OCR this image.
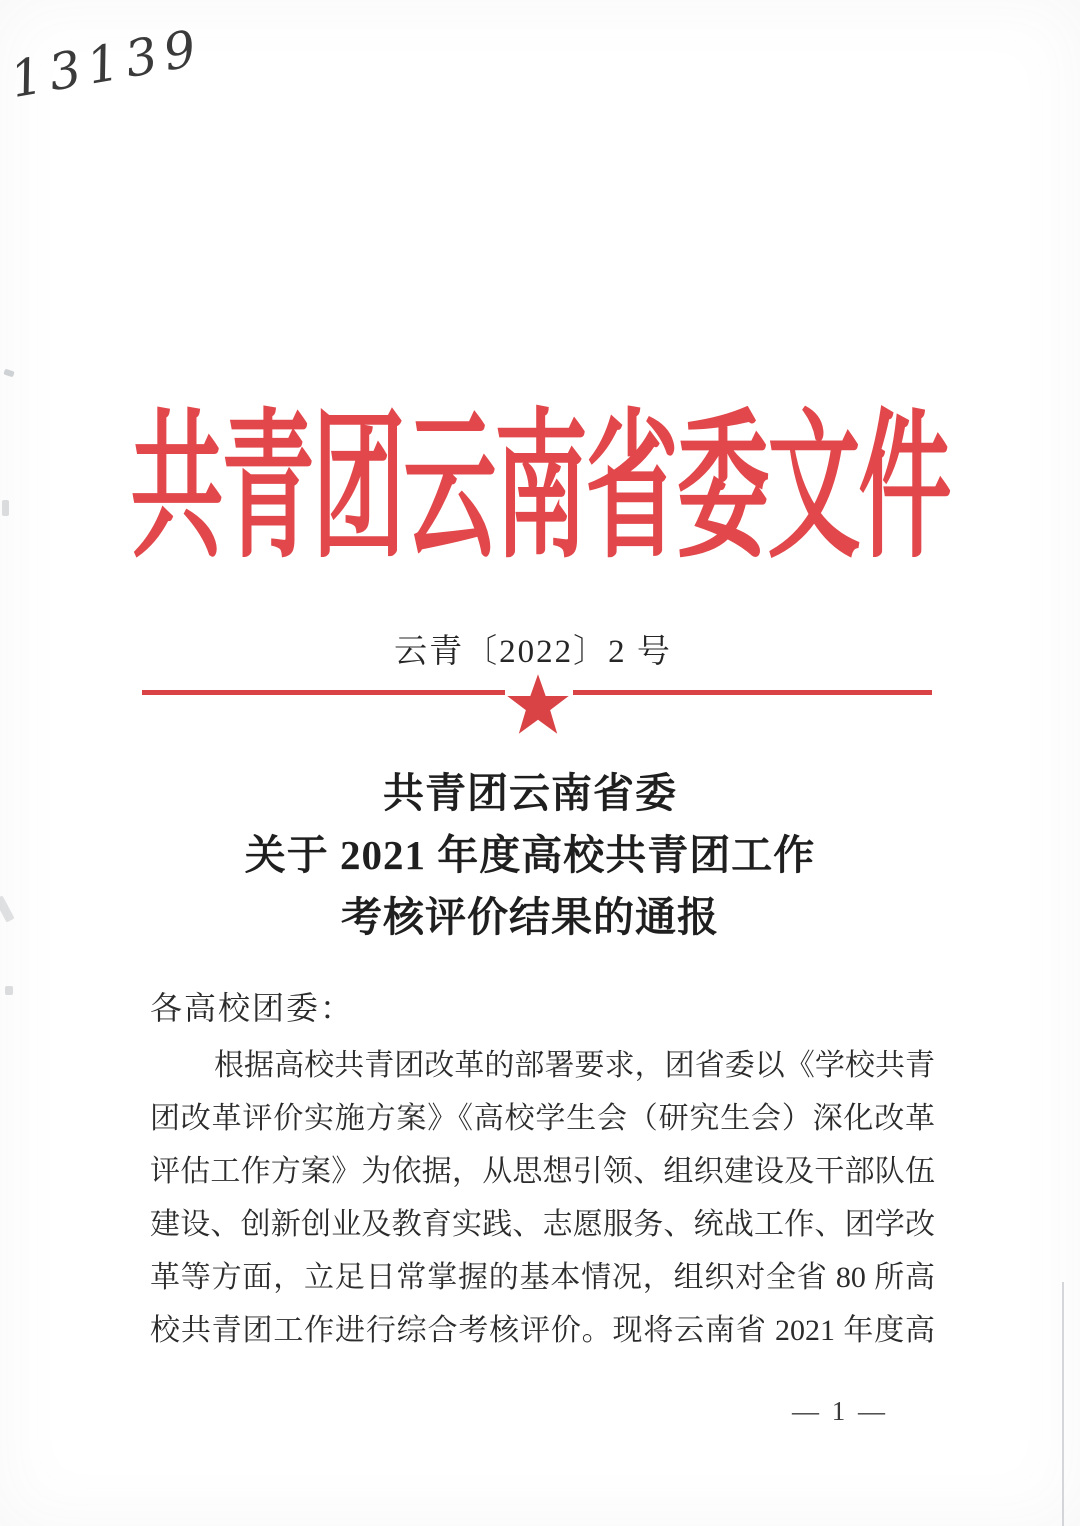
13139
共青团云南省委文件
云青〔2022〕2 号
共青团云南省委
关于 2021 年度高校共青团工作
考核评价结果的通报
各高校团委：
根据高校共青团改革的部署要求，团省委以《学校共青
团改革评价实施方案》《高校学生会（研究生会）深化改革
评估工作方案》为依据，从思想引领、组织建设及干部队伍
建设、创新创业及教育实践、志愿服务、统战工作、团学改
革等方面，立足日常掌握的基本情况，组织对全省 80 所高
校共青团工作进行综合考核评价。现将云南省 2021 年度高
— 1 —
